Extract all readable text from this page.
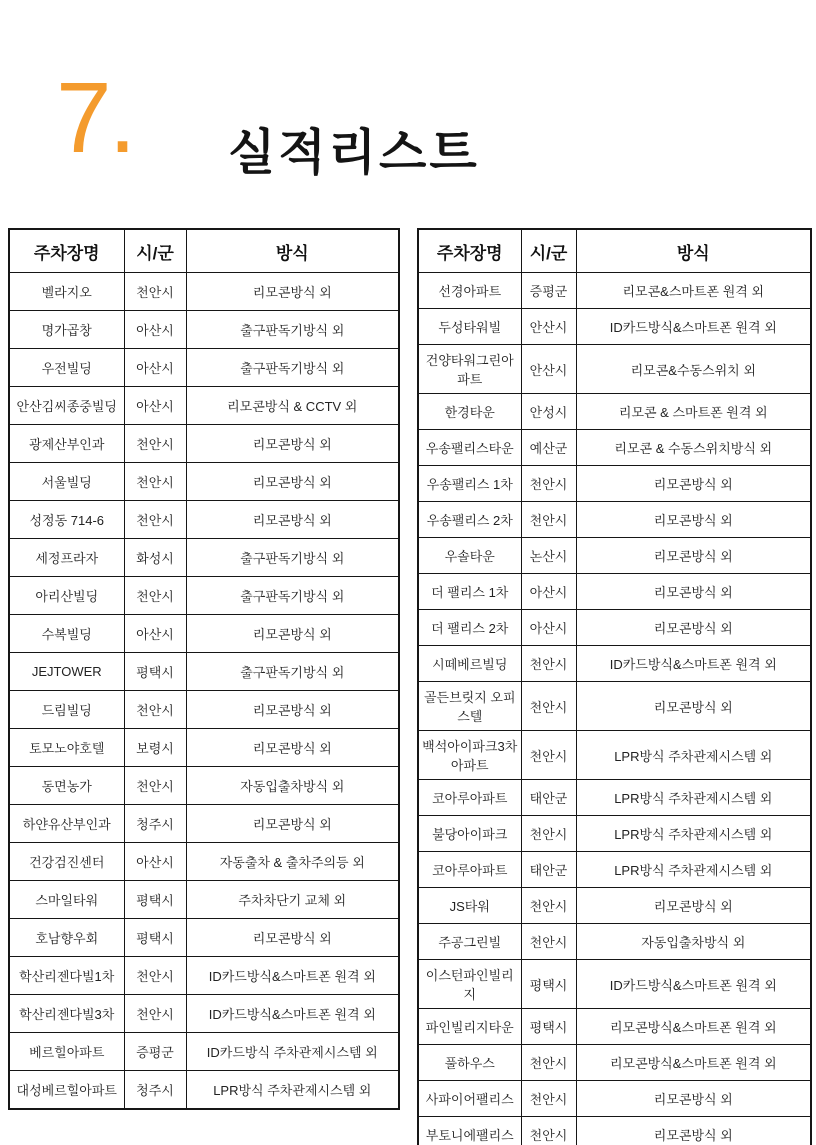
7. 실적리스트
주차장명	시/군	방식
벨라지오	천안시	리모콘방식 외
명가곱창	아산시	출구판독기방식 외
우전빌딩	아산시	출구판독기방식 외
안산김씨종중빌딩	아산시	리모콘방식 & CCTV 외
광제산부인과	천안시	리모콘방식 외
서울빌딩	천안시	리모콘방식 외
성정동 714-6	천안시	리모콘방식 외
세정프라자	화성시	출구판독기방식 외
아리산빌딩	천안시	출구판독기방식 외
수복빌딩	아산시	리모콘방식 외
JEJTOWER	평택시	출구판독기방식 외
드림빌딩	천안시	리모콘방식 외
토모노야호텔	보령시	리모콘방식 외
동면농가	천안시	자동입출차방식 외
하얀유산부인과	청주시	리모콘방식 외
건강검진센터	아산시	자동출차 & 출차주의등 외
스마일타워	평택시	주차차단기 교체 외
호남향우회	평택시	리모콘방식 외
학산리젠다빌1차	천안시	ID카드방식&스마트폰 원격 외
학산리젠다빌3차	천안시	ID카드방식&스마트폰 원격 외
베르힐아파트	증평군	ID카드방식 주차관제시스템 외
대성베르힐아파트	청주시	LPR방식 주차관제시스템 외
주차장명	시/군	방식
선경아파트	증평군	리모콘&스마트폰 원격 외
두성타워빌	안산시	ID카드방식&스마트폰 원격 외
건양타워그린아파트	안산시	리모콘&수동스위치 외
한경타운	안성시	리모콘 & 스마트폰 원격 외
우송팰리스타운	예산군	리모콘 & 수동스위치방식 외
우송팰리스 1차	천안시	리모콘방식 외
우송팰리스 2차	천안시	리모콘방식 외
우솔타운	논산시	리모콘방식 외
더 팰리스 1차	아산시	리모콘방식 외
더 팰리스 2차	아산시	리모콘방식 외
시떼베르빌딩	천안시	ID카드방식&스마트폰 원격 외
골든브릿지 오피스텔	천안시	리모콘방식 외
백석아이파크3차 아파트	천안시	LPR방식 주차관제시스템 외
코아루아파트	태안군	LPR방식 주차관제시스템 외
불당아이파크	천안시	LPR방식 주차관제시스템 외
코아루아파트	태안군	LPR방식 주차관제시스템 외
JS타워	천안시	리모콘방식 외
주공그린빌	천안시	자동입출차방식 외
이스턴파인빌리지	평택시	ID카드방식&스마트폰 원격 외
파인빌리지타운	평택시	리모콘방식&스마트폰 원격 외
풀하우스	천안시	리모콘방식&스마트폰 원격 외
사파이어팰리스	천안시	리모콘방식 외
부토니에팰리스	천안시	리모콘방식 외
